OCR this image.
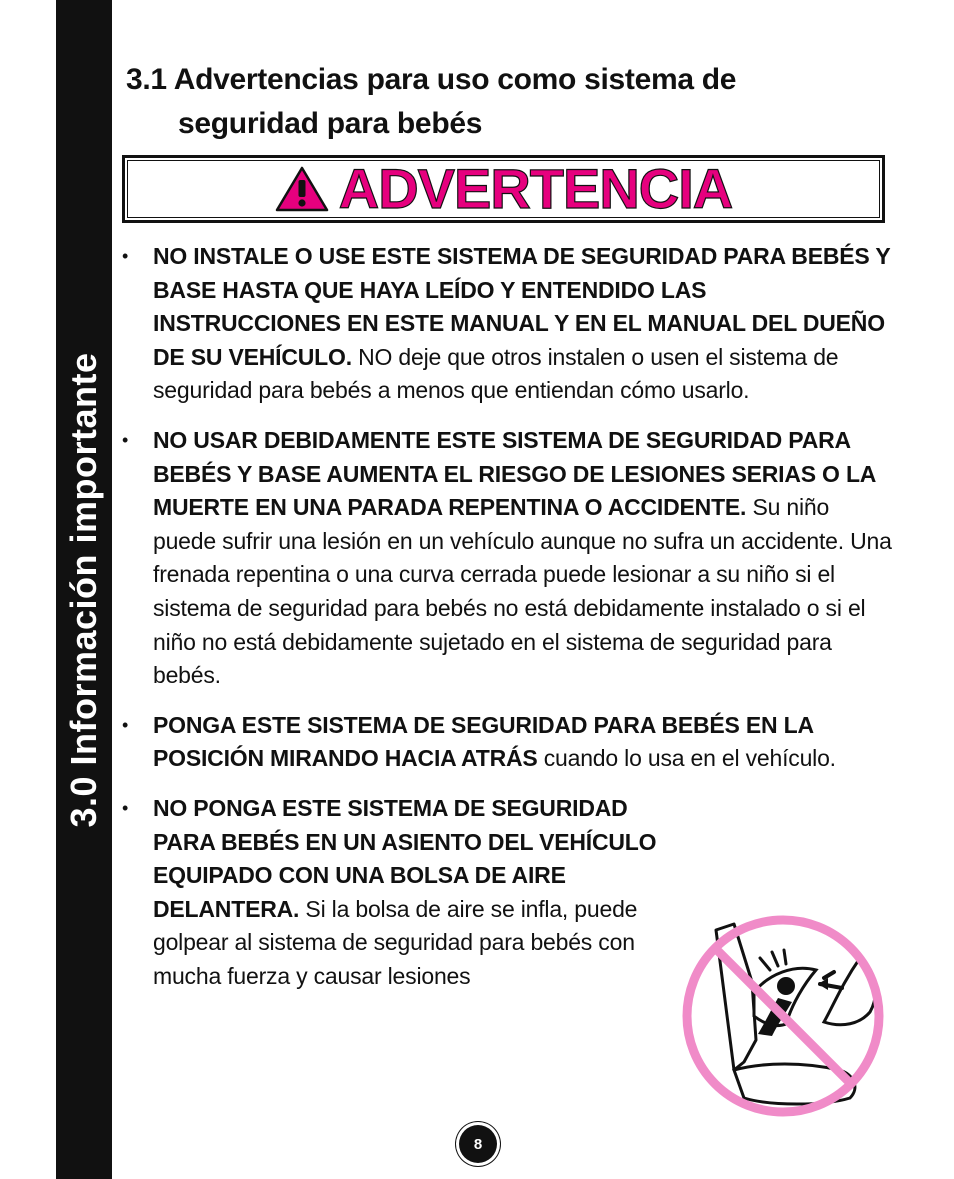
3.0 Información importante
3.1 Advertencias para uso como sistema de
seguridad para bebés
ADVERTENCIA
• NO INSTALE O USE ESTE SISTEMA DE SEGURIDAD PARA BEBÉS Y BASE HASTA QUE HAYA LEÍDO Y ENTENDIDO LAS INSTRUCCIONES EN ESTE MANUAL Y EN EL MANUAL DEL DUEÑO DE SU VEHÍCULO. NO deje que otros instalen o usen el sistema de seguridad para bebés a menos que entiendan cómo usarlo.
• NO USAR DEBIDAMENTE ESTE SISTEMA DE SEGURIDAD PARA BEBÉS Y BASE AUMENTA EL RIESGO DE LESIONES SERIAS O LA MUERTE EN UNA PARADA REPENTINA O ACCIDENTE. Su niño puede sufrir una lesión en un vehículo aunque no sufra un accidente. Una frenada repentina o una curva cerrada puede lesionar a su niño si el sistema de seguridad para bebés no está debidamente instalado o si el niño no está debidamente sujetado en el sistema de seguridad para bebés.
• PONGA ESTE SISTEMA DE SEGURIDAD PARA BEBÉS EN LA POSICIÓN MIRANDO HACIA ATRÁS cuando lo usa en el vehículo.
• NO PONGA ESTE SISTEMA DE SEGURIDAD PARA BEBÉS EN UN ASIENTO DEL VEHÍCULO EQUIPADO CON UNA BOLSA DE AIRE DELANTERA. Si la bolsa de aire se infla, puede golpear al sistema de seguridad para bebés con mucha fuerza y causar lesiones
8
